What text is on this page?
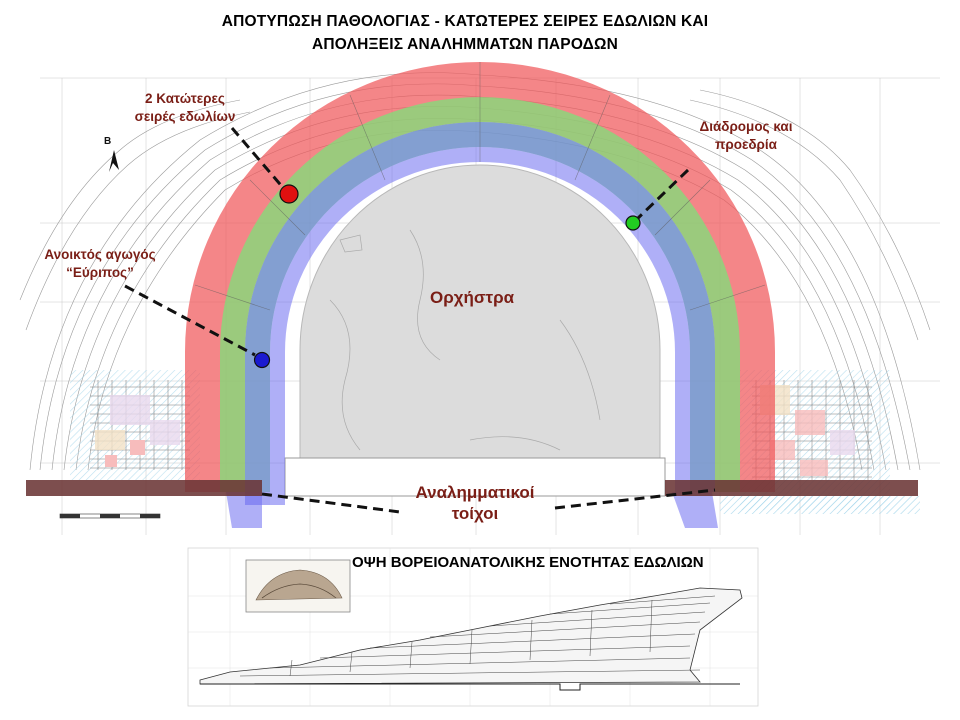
ΑΠΟΤΥΠΩΣΗ ΠΑΘΟΛΟΓΙΑΣ - ΚΑΤΩΤΕΡΕΣ ΣΕΙΡΕΣ ΕΔΩΛΙΩΝ ΚΑΙ
ΑΠΟΛΗΞΕΙΣ ΑΝΑΛΗΜΜΑΤΩΝ ΠΑΡΟΔΩΝ
B
2 Κατώτερες
σειρές εδωλίων
Διάδρομος και
προεδρία
Ανοικτός αγωγός
“Εύριπος”
Ορχήστρα
Αναλημματικοί
τοίχοι
ΟΨΗ ΒΟΡΕΙΟΑΝΑΤΟΛΙΚΗΣ ΕΝΟΤΗΤΑΣ ΕΔΩΛΙΩΝ
